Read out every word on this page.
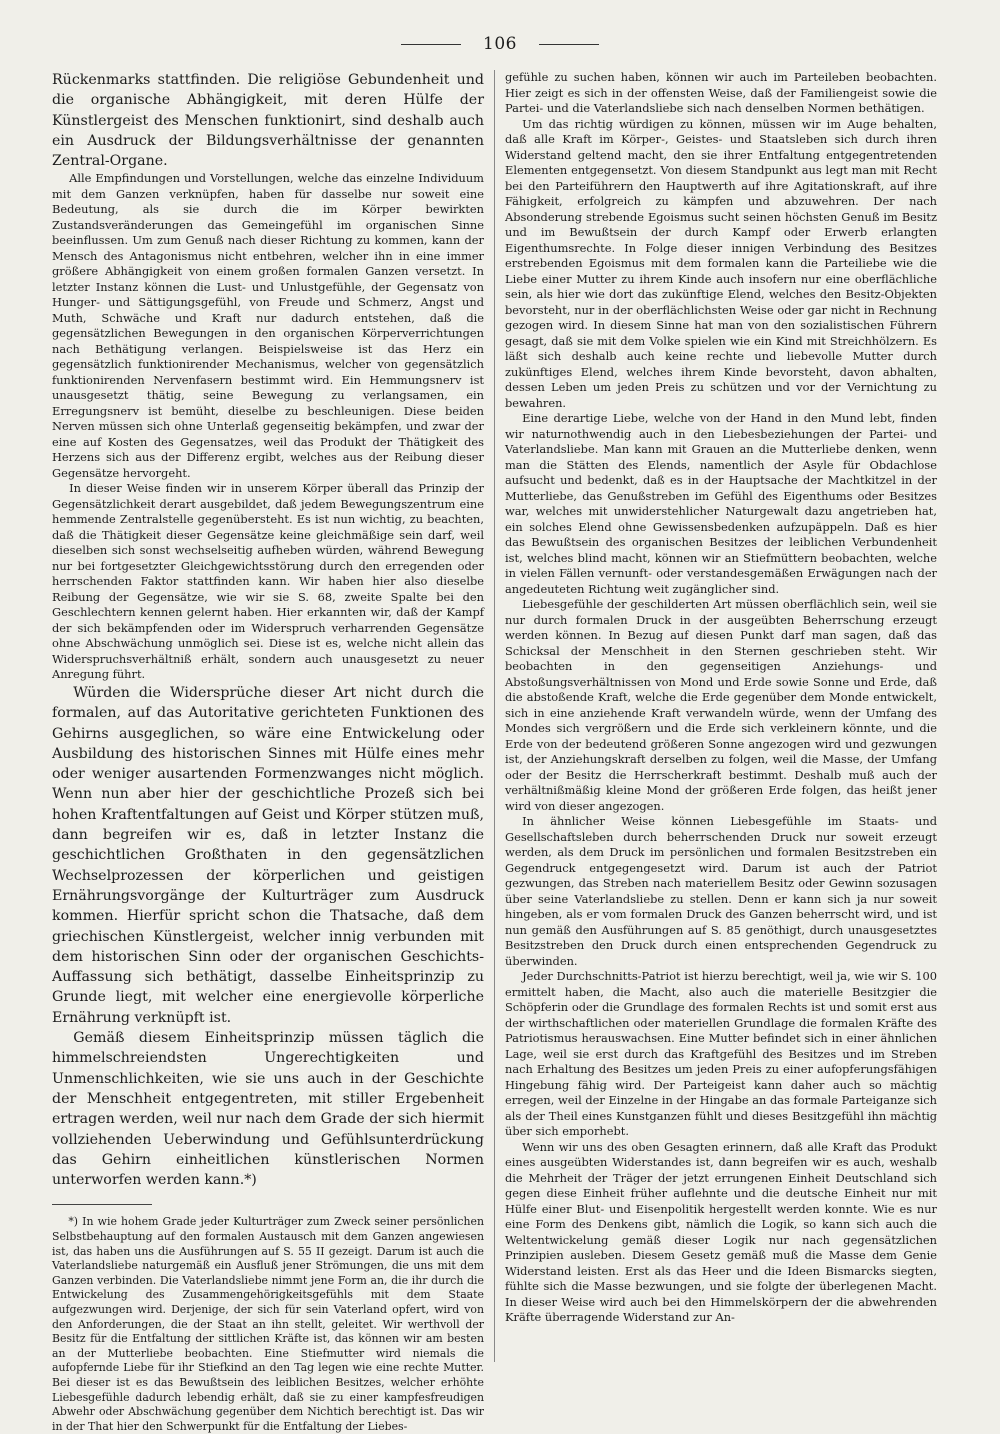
106

Rückenmarks stattfinden. Die religiöse Gebundenheit und die organische Abhängigkeit, mit deren Hülfe der Künstlergeist des Menschen funktionirt, sind deshalb auch ein Ausdruck der Bildungsverhältnisse der genannten Zentral-Organe.

Alle Empfindungen und Vorstellungen, welche das einzelne Individuum mit dem Ganzen verknüpfen, haben für dasselbe nur soweit eine Bedeutung, als sie durch die im Körper bewirkten Zustandsveränderungen das Gemeingefühl im organischen Sinne beeinflussen. Um zum Genuß nach dieser Richtung zu kommen, kann der Mensch des Antagonismus nicht entbehren, welcher ihn in eine immer größere Abhängigkeit von einem großen formalen Ganzen versetzt. In letzter Instanz können die Lust- und Unlustgefühle, der Gegensatz von Hunger- und Sättigungsgefühl, von Freude und Schmerz, Angst und Muth, Schwäche und Kraft nur dadurch entstehen, daß die gegensätzlichen Bewegungen in den organischen Körperverrichtungen nach Bethätigung verlangen. Beispielsweise ist das Herz ein gegensätzlich funktionirender Mechanismus, welcher von gegensätzlich funktionirenden Nervenfasern bestimmt wird. Ein Hemmungsnerv ist unausgesetzt thätig, seine Bewegung zu verlangsamen, ein Erregungsnerv ist bemüht, dieselbe zu beschleunigen. Diese beiden Nerven müssen sich ohne Unterlaß gegenseitig bekämpfen, und zwar der eine auf Kosten des Gegensatzes, weil das Produkt der Thätigkeit des Herzens sich aus der Differenz ergibt, welches aus der Reibung dieser Gegensätze hervorgeht.

In dieser Weise finden wir in unserem Körper überall das Prinzip der Gegensätzlichkeit derart ausgebildet, daß jedem Bewegungszentrum eine hemmende Zentralstelle gegenübersteht. Es ist nun wichtig, zu beachten, daß die Thätigkeit dieser Gegensätze keine gleichmäßige sein darf, weil dieselben sich sonst wechselseitig aufheben würden, während Bewegung nur bei fortgesetzter Gleichgewichtsstörung durch den erregenden oder herrschenden Faktor stattfinden kann. Wir haben hier also dieselbe Reibung der Gegensätze, wie wir sie S. 68, zweite Spalte bei den Geschlechtern kennen gelernt haben. Hier erkannten wir, daß der Kampf der sich bekämpfenden oder im Widerspruch verharrenden Gegensätze ohne Abschwächung unmöglich sei. Diese ist es, welche nicht allein das Widerspruchsverhältniß erhält, sondern auch unausgesetzt zu neuer Anregung führt.

Würden die Widersprüche dieser Art nicht durch die formalen, auf das Autoritative gerichteten Funktionen des Gehirns ausgeglichen, so wäre eine Entwickelung oder Ausbildung des historischen Sinnes mit Hülfe eines mehr oder weniger ausartenden Formenzwanges nicht möglich. Wenn nun aber hier der geschichtliche Prozeß sich bei hohen Kraftentfaltungen auf Geist und Körper stützen muß, dann begreifen wir es, daß in letzter Instanz die geschichtlichen Großthaten in den gegensätzlichen Wechselprozessen der körperlichen und geistigen Ernährungsvorgänge der Kulturträger zum Ausdruck kommen. Hierfür spricht schon die Thatsache, daß dem griechischen Künstlergeist, welcher innig verbunden mit dem historischen Sinn oder der organischen Geschichts-Auffassung sich bethätigt, dasselbe Einheitsprinzip zu Grunde liegt, mit welcher eine energievolle körperliche Ernährung verknüpft ist.

Gemäß diesem Einheitsprinzip müssen täglich die himmelschreiendsten Ungerechtigkeiten und Unmenschlichkeiten, wie sie uns auch in der Geschichte der Menschheit entgegentreten, mit stiller Ergebenheit ertragen werden, weil nur nach dem Grade der sich hiermit vollziehenden Ueberwindung und Gefühlsunterdrückung das Gehirn einheitlichen künstlerischen Normen unterworfen werden kann.*)

*) In wie hohem Grade jeder Kulturträger zum Zweck seiner persönlichen Selbstbehauptung auf den formalen Austausch mit dem Ganzen angewiesen ist, das haben uns die Ausführungen auf S. 55 II gezeigt. Darum ist auch die Vaterlandsliebe naturgemäß ein Ausfluß jener Strömungen, die uns mit dem Ganzen verbinden. Die Vaterlandsliebe nimmt jene Form an, die ihr durch die Entwickelung des Zusammengehörigkeitsgefühls mit dem Staate aufgezwungen wird. Derjenige, der sich für sein Vaterland opfert, wird von den Anforderungen, die der Staat an ihn stellt, geleitet. Wir werthvoll der Besitz für die Entfaltung der sittlichen Kräfte ist, das können wir am besten an der Mutterliebe beobachten. Eine Stiefmutter wird niemals die aufopfernde Liebe für ihr Stiefkind an den Tag legen wie eine rechte Mutter. Bei dieser ist es das Bewußtsein des leiblichen Besitzes, welcher erhöhte Liebesgefühle dadurch lebendig erhält, daß sie zu einer kampfesfreudigen Abwehr oder Abschwächung gegenüber dem Nichtich berechtigt ist. Das wir in der That hier den Schwerpunkt für die Entfaltung der Liebes-

gefühle zu suchen haben, können wir auch im Parteileben beobachten. Hier zeigt es sich in der offensten Weise, daß der Familiengeist sowie die Partei- und die Vaterlandsliebe sich nach denselben Normen bethätigen.

Um das richtig würdigen zu können, müssen wir im Auge behalten, daß alle Kraft im Körper-, Geistes- und Staatsleben sich durch ihren Widerstand geltend macht, den sie ihrer Entfaltung entgegentretenden Elementen entgegensetzt. Von diesem Standpunkt aus legt man mit Recht bei den Parteiführern den Hauptwerth auf ihre Agitationskraft, auf ihre Fähigkeit, erfolgreich zu kämpfen und abzuwehren. Der nach Absonderung strebende Egoismus sucht seinen höchsten Genuß im Besitz und im Bewußtsein der durch Kampf oder Erwerb erlangten Eigenthumsrechte. In Folge dieser innigen Verbindung des Besitzes erstrebenden Egoismus mit dem formalen kann die Parteiliebe wie die Liebe einer Mutter zu ihrem Kinde auch insofern nur eine oberflächliche sein, als hier wie dort das zukünftige Elend, welches den Besitz-Objekten bevorsteht, nur in der oberflächlichsten Weise oder gar nicht in Rechnung gezogen wird. In diesem Sinne hat man von den sozialistischen Führern gesagt, daß sie mit dem Volke spielen wie ein Kind mit Streichhölzern. Es läßt sich deshalb auch keine rechte und liebevolle Mutter durch zukünftiges Elend, welches ihrem Kinde bevorsteht, davon abhalten, dessen Leben um jeden Preis zu schützen und vor der Vernichtung zu bewahren.

Eine derartige Liebe, welche von der Hand in den Mund lebt, finden wir naturnothwendig auch in den Liebesbeziehungen der Partei- und Vaterlandsliebe. Man kann mit Grauen an die Mutterliebe denken, wenn man die Stätten des Elends, namentlich der Asyle für Obdachlose aufsucht und bedenkt, daß es in der Hauptsache der Machtkitzel in der Mutterliebe, das Genußstreben im Gefühl des Eigenthums oder Besitzes war, welches mit unwiderstehlicher Naturgewalt dazu angetrieben hat, ein solches Elend ohne Gewissensbedenken aufzupäppeln. Daß es hier das Bewußtsein des organischen Besitzes der leiblichen Verbundenheit ist, welches blind macht, können wir an Stiefmüttern beobachten, welche in vielen Fällen vernunft- oder verstandesgemäßen Erwägungen nach der angedeuteten Richtung weit zugänglicher sind.

Liebesgefühle der geschilderten Art müssen oberflächlich sein, weil sie nur durch formalen Druck in der ausgeübten Beherrschung erzeugt werden können. In Bezug auf diesen Punkt darf man sagen, daß das Schicksal der Menschheit in den Sternen geschrieben steht. Wir beobachten in den gegenseitigen Anziehungs- und Abstoßungsverhältnissen von Mond und Erde sowie Sonne und Erde, daß die abstoßende Kraft, welche die Erde gegenüber dem Monde entwickelt, sich in eine anziehende Kraft verwandeln würde, wenn der Umfang des Mondes sich vergrößern und die Erde sich verkleinern könnte, und die Erde von der bedeutend größeren Sonne angezogen wird und gezwungen ist, der Anziehungskraft derselben zu folgen, weil die Masse, der Umfang oder der Besitz die Herrscherkraft bestimmt. Deshalb muß auch der verhältnißmäßig kleine Mond der größeren Erde folgen, das heißt jener wird von dieser angezogen.

In ähnlicher Weise können Liebesgefühle im Staats- und Gesellschaftsleben durch beherrschenden Druck nur soweit erzeugt werden, als dem Druck im persönlichen und formalen Besitzstreben ein Gegendruck entgegengesetzt wird. Darum ist auch der Patriot gezwungen, das Streben nach materiellem Besitz oder Gewinn sozusagen über seine Vaterlandsliebe zu stellen. Denn er kann sich ja nur soweit hingeben, als er vom formalen Druck des Ganzen beherrscht wird, und ist nun gemäß den Ausführungen auf S. 85 genöthigt, durch unausgesetztes Besitzstreben den Druck durch einen entsprechenden Gegendruck zu überwinden.

Jeder Durchschnitts-Patriot ist hierzu berechtigt, weil ja, wie wir S. 100 ermittelt haben, die Macht, also auch die materielle Besitzgier die Schöpferin oder die Grundlage des formalen Rechts ist und somit erst aus der wirthschaftlichen oder materiellen Grundlage die formalen Kräfte des Patriotismus herauswachsen. Eine Mutter befindet sich in einer ähnlichen Lage, weil sie erst durch das Kraftgefühl des Besitzes und im Streben nach Erhaltung des Besitzes um jeden Preis zu einer aufopferungsfähigen Hingebung fähig wird. Der Parteigeist kann daher auch so mächtig erregen, weil der Einzelne in der Hingabe an das formale Parteiganze sich als der Theil eines Kunstganzen fühlt und dieses Besitzgefühl ihn mächtig über sich emporhebt.

Wenn wir uns des oben Gesagten erinnern, daß alle Kraft das Produkt eines ausgeübten Widerstandes ist, dann begreifen wir es auch, weshalb die Mehrheit der Träger der jetzt errungenen Einheit Deutschland sich gegen diese Einheit früher auflehnte und die deutsche Einheit nur mit Hülfe einer Blut- und Eisenpolitik hergestellt werden konnte. Wie es nur eine Form des Denkens gibt, nämlich die Logik, so kann sich auch die Weltentwickelung gemäß dieser Logik nur nach gegensätzlichen Prinzipien ausleben. Diesem Gesetz gemäß muß die Masse dem Genie Widerstand leisten. Erst als das Heer und die Ideen Bismarcks siegten, fühlte sich die Masse bezwungen, und sie folgte der überlegenen Macht. In dieser Weise wird auch bei den Himmelskörpern der die abwehrenden Kräfte überragende Widerstand zur An-
